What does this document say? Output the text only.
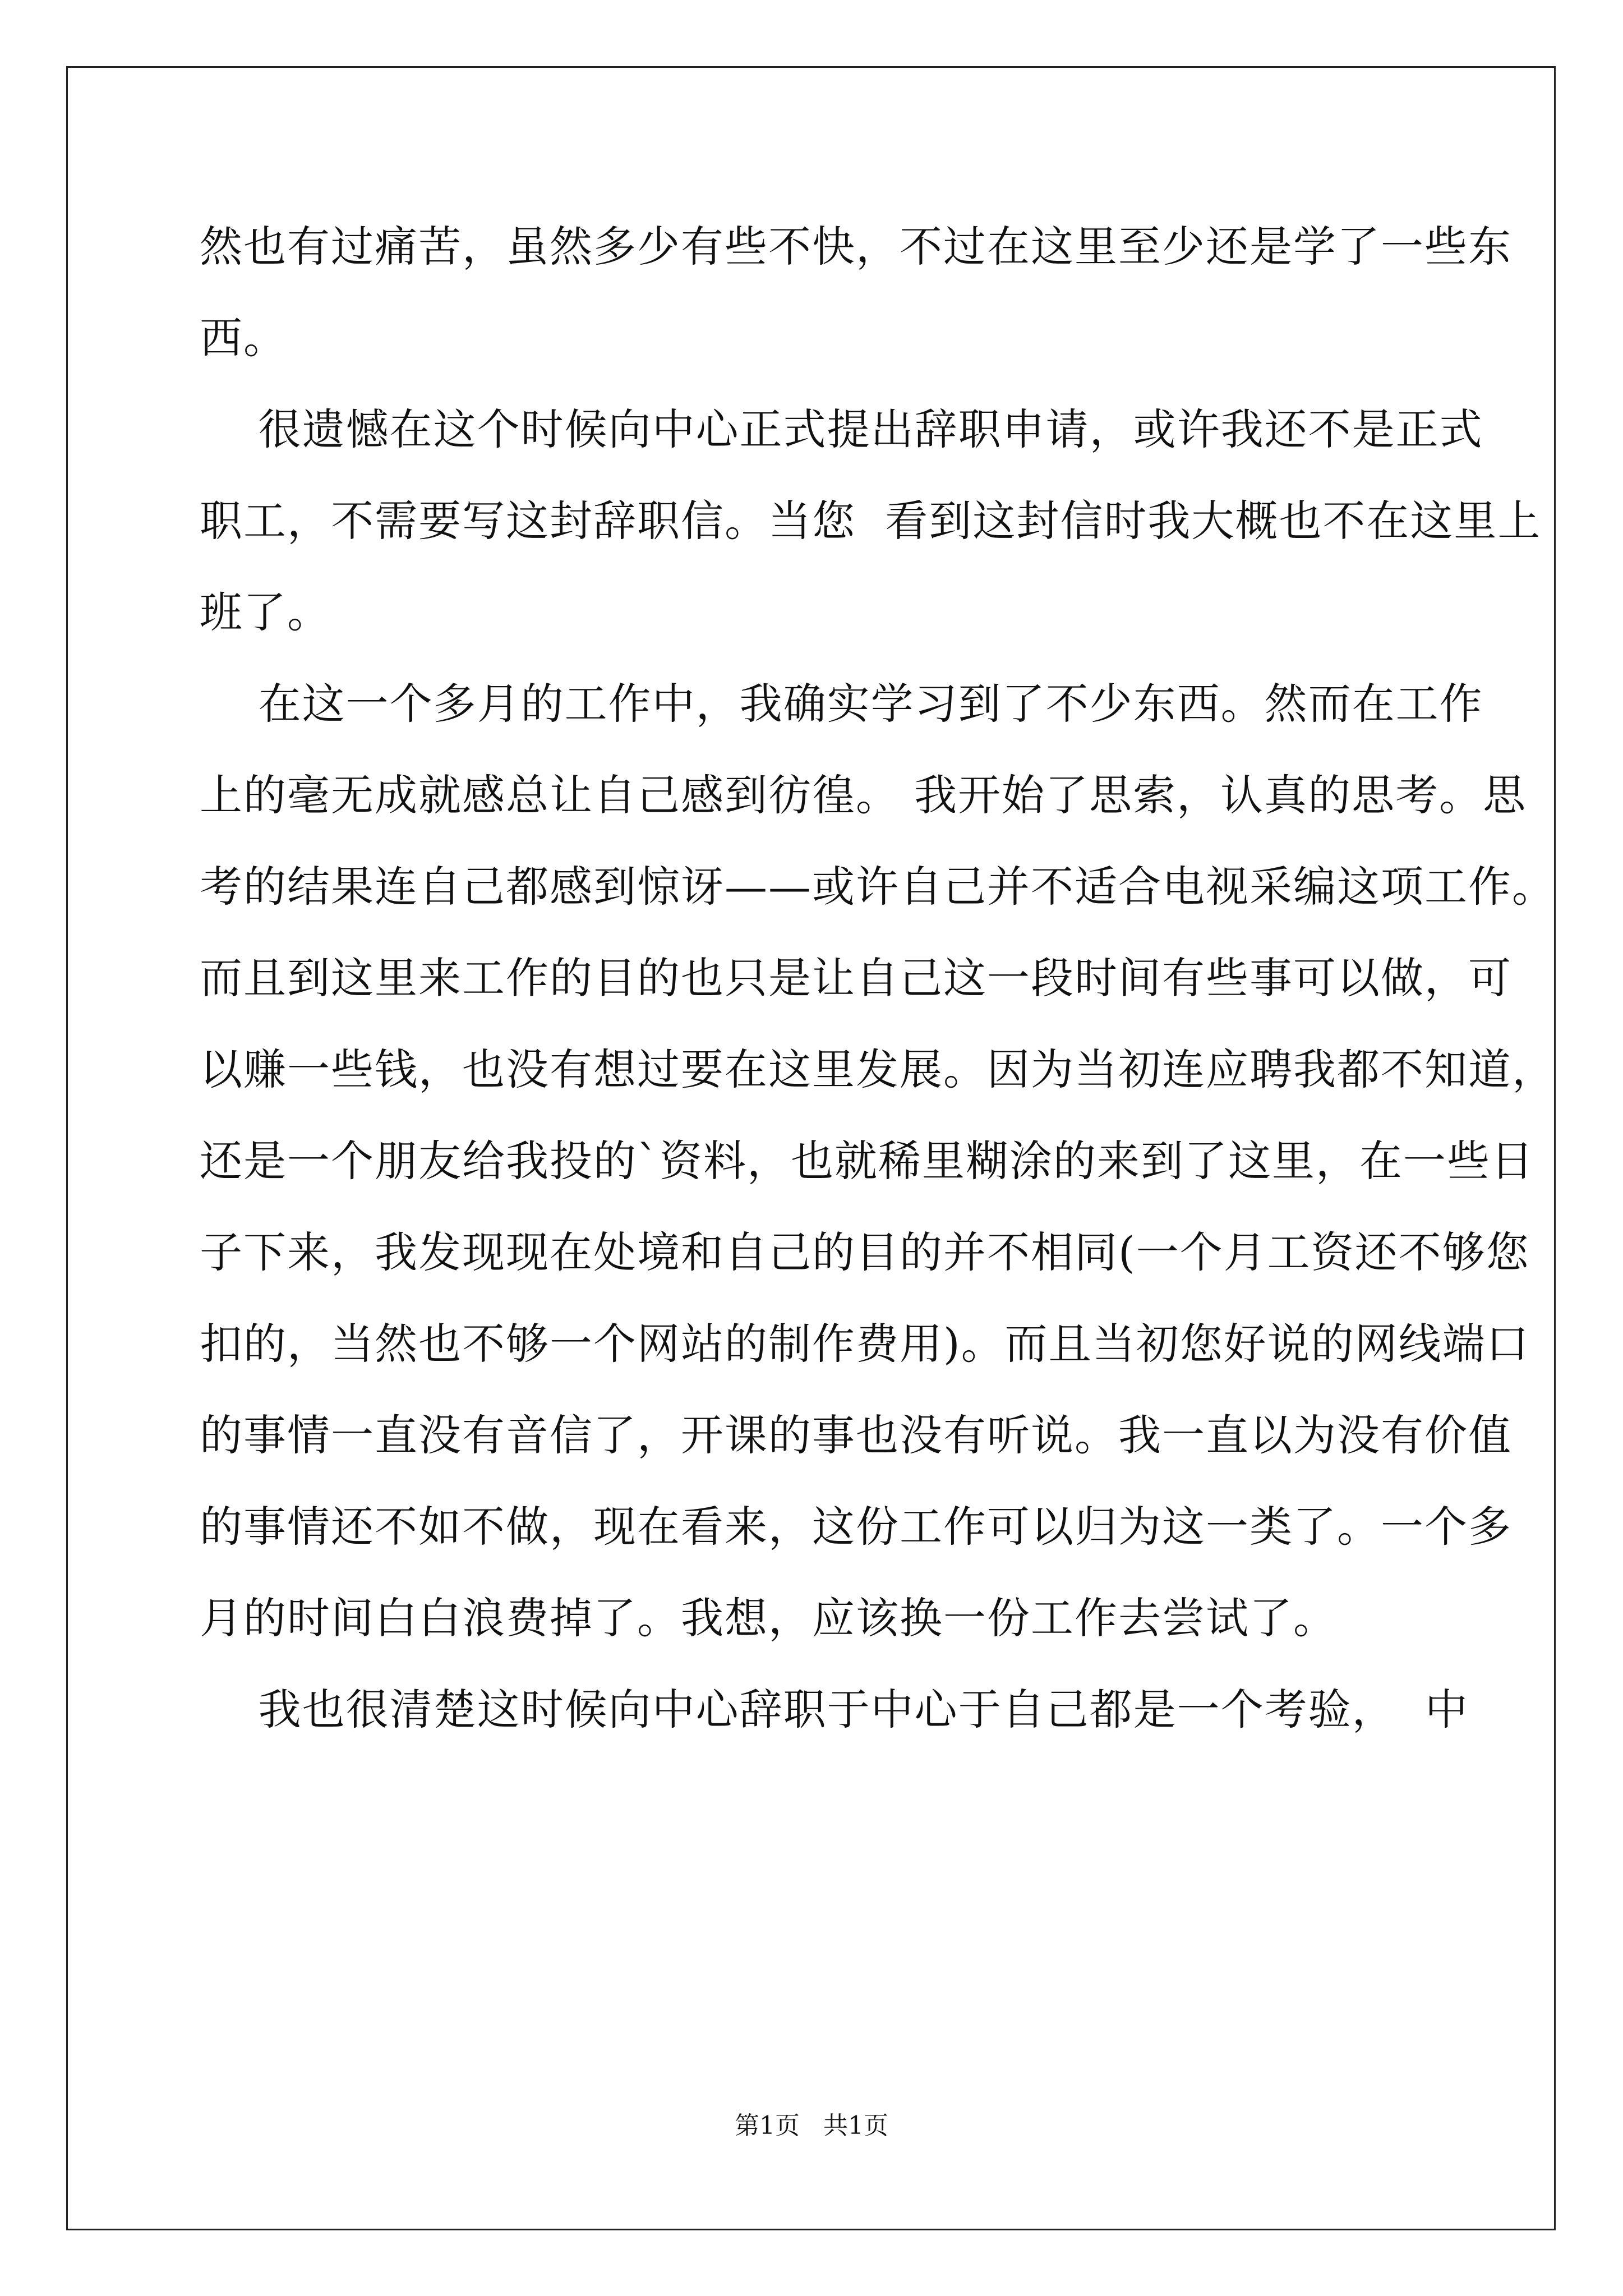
然也有过痛苦，虽然多少有些不快，不过在这里至少还是学了一些东
西。
很遗憾在这个时候向中心正式提出辞职申请，或许我还不是正式
职工，不需要写这封辞职信。当您  看到这封信时我大概也不在这里上
班了。
在这一个多月的工作中，我确实学习到了不少东西。然而在工作
上的毫无成就感总让自己感到彷徨。 我开始了思索，认真的思考。思
考的结果连自己都感到惊讶——或许自己并不适合电视采编这项工作。
而且到这里来工作的目的也只是让自己这一段时间有些事可以做，可
以赚一些钱，也没有想过要在这里发展。因为当初连应聘我都不知道，
还是一个朋友给我投的`资料，也就稀里糊涂的来到了这里，在一些日
子下来，我发现现在处境和自己的目的并不相同(一个月工资还不够您
扣的，当然也不够一个网站的制作费用)。而且当初您好说的网线端口
的事情一直没有音信了，开课的事也没有听说。我一直以为没有价值
的事情还不如不做，现在看来，这份工作可以归为这一类了。一个多
月的时间白白浪费掉了。我想，应该换一份工作去尝试了。
我也很清楚这时候向中心辞职于中心于自己都是一个考验，  中
第1页   共1页
